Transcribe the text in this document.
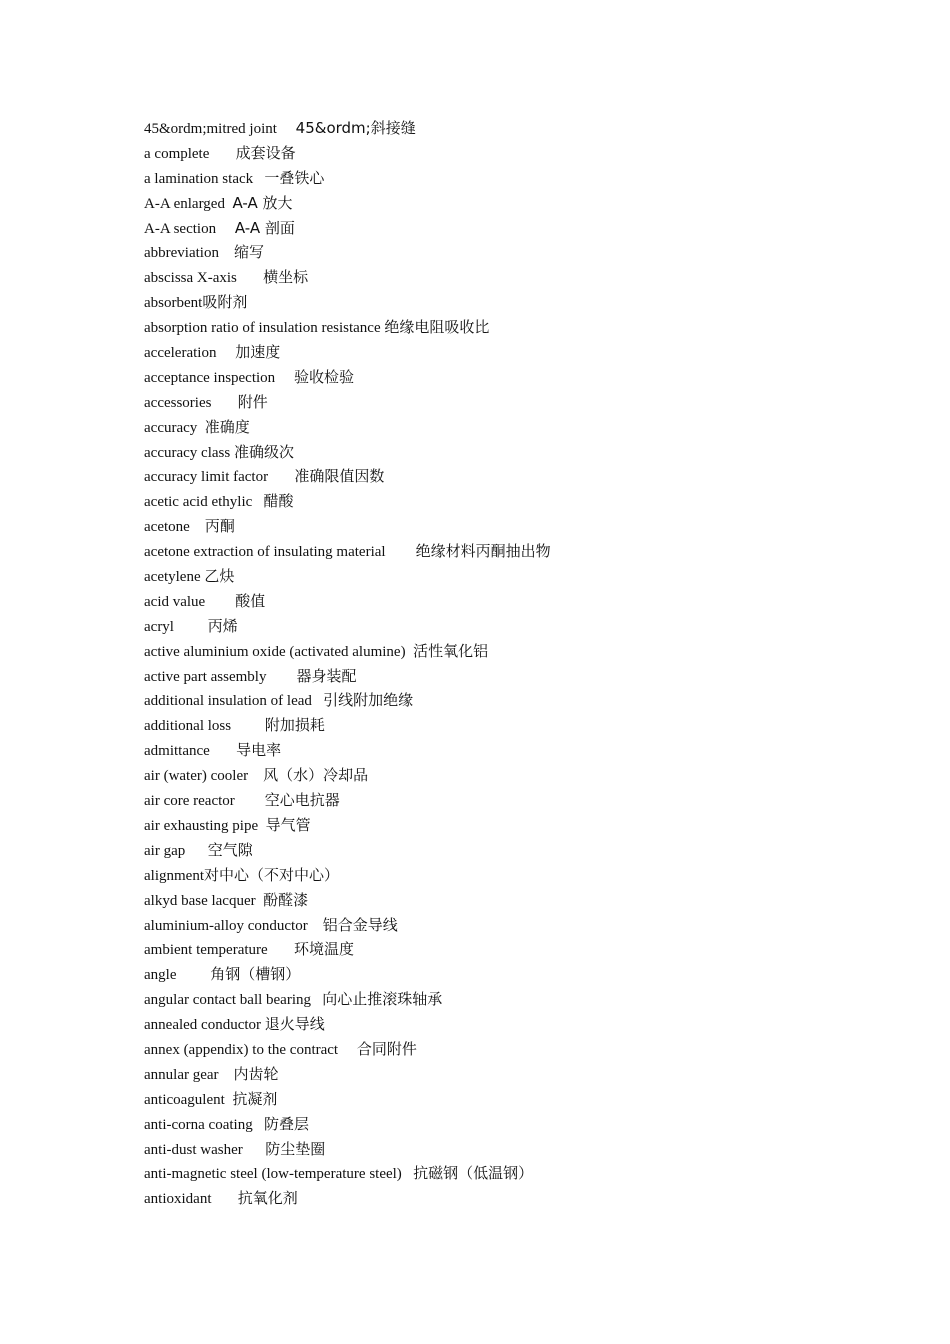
45&ordm;mitred joint 45&ordm;斜接缝
a complete 成套设备
a lamination stack 一叠铁心
A-A enlarged A-A 放大
A-A section A-A 剖面
abbreviation 缩写
abscissa X-axis 横坐标
absorbent吸附剂
absorption ratio of insulation resistance 绝缘电阻吸收比
acceleration 加速度
acceptance inspection 验收检验
accessories 附件
accuracy 准确度
accuracy class 准确级次
accuracy limit factor 准确限值因数
acetic acid ethylic 醋酸
acetone 丙酮
acetone extraction of insulating material 绝缘材料丙酮抽出物
acetylene 乙炔
acid value 酸值
acryl 丙烯
active aluminium oxide (activated alumine) 活性氧化铝
active part assembly 器身装配
additional insulation of lead 引线附加绝缘
additional loss 附加损耗
admittance 导电率
air (water) cooler 风（水）冷却品
air core reactor 空心电抗器
air exhausting pipe 导气管
air gap 空气隙
alignment对中心（不对中心）
alkyd base lacquer 酚醛漆
aluminium-alloy conductor 铝合金导线
ambient temperature 环境温度
angle 角钢（槽钢）
angular contact ball bearing 向心止推滚珠轴承
annealed conductor 退火导线
annex (appendix) to the contract 合同附件
annular gear 内齿轮
anticoagulent 抗凝剂
anti-corna coating 防叠层
anti-dust washer 防尘垫圈
anti-magnetic steel (low-temperature steel) 抗磁钢（低温钢）
antioxidant 抗氧化剂
